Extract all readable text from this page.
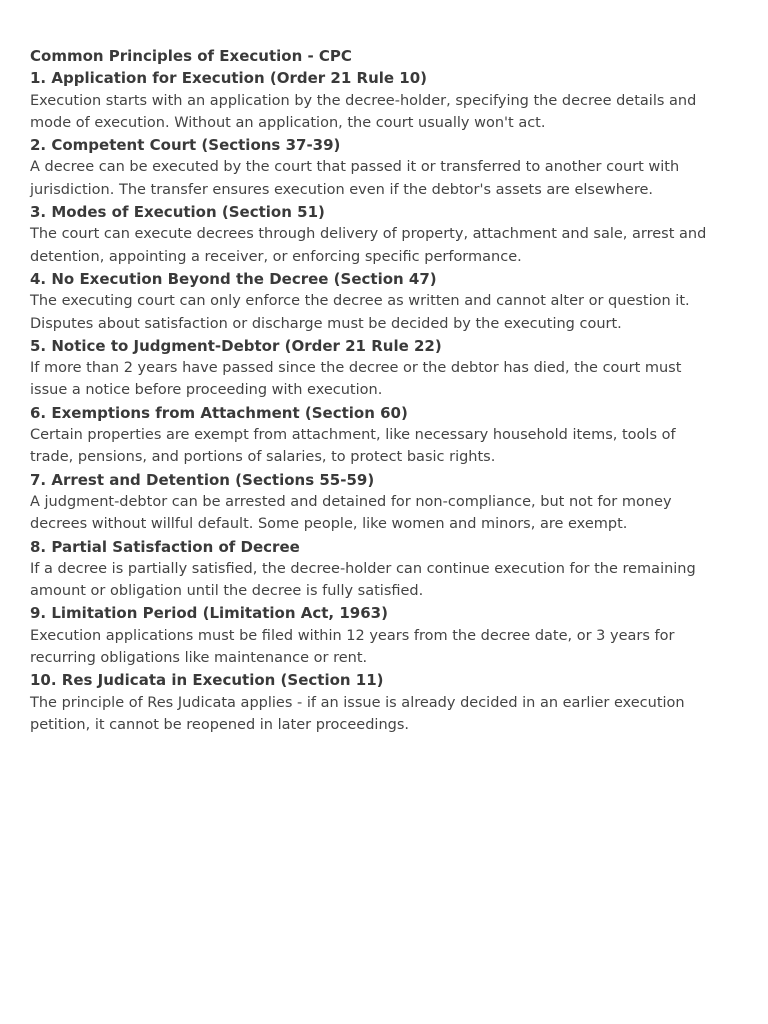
Common Principles of Execution - CPC
1. Application for Execution (Order 21 Rule 10)
Execution starts with an application by the decree-holder, specifying the decree details and
mode of execution. Without an application, the court usually won't act.
2. Competent Court (Sections 37-39)
A decree can be executed by the court that passed it or transferred to another court with
jurisdiction. The transfer ensures execution even if the debtor's assets are elsewhere.
3. Modes of Execution (Section 51)
The court can execute decrees through delivery of property, attachment and sale, arrest and
detention, appointing a receiver, or enforcing specific performance.
4. No Execution Beyond the Decree (Section 47)
The executing court can only enforce the decree as written and cannot alter or question it.
Disputes about satisfaction or discharge must be decided by the executing court.
5. Notice to Judgment-Debtor (Order 21 Rule 22)
If more than 2 years have passed since the decree or the debtor has died, the court must
issue a notice before proceeding with execution.
6. Exemptions from Attachment (Section 60)
Certain properties are exempt from attachment, like necessary household items, tools of
trade, pensions, and portions of salaries, to protect basic rights.
7. Arrest and Detention (Sections 55-59)
A judgment-debtor can be arrested and detained for non-compliance, but not for money
decrees without willful default. Some people, like women and minors, are exempt.
8. Partial Satisfaction of Decree
If a decree is partially satisfied, the decree-holder can continue execution for the remaining
amount or obligation until the decree is fully satisfied.
9. Limitation Period (Limitation Act, 1963)
Execution applications must be filed within 12 years from the decree date, or 3 years for
recurring obligations like maintenance or rent.
10. Res Judicata in Execution (Section 11)
The principle of Res Judicata applies - if an issue is already decided in an earlier execution
petition, it cannot be reopened in later proceedings.
